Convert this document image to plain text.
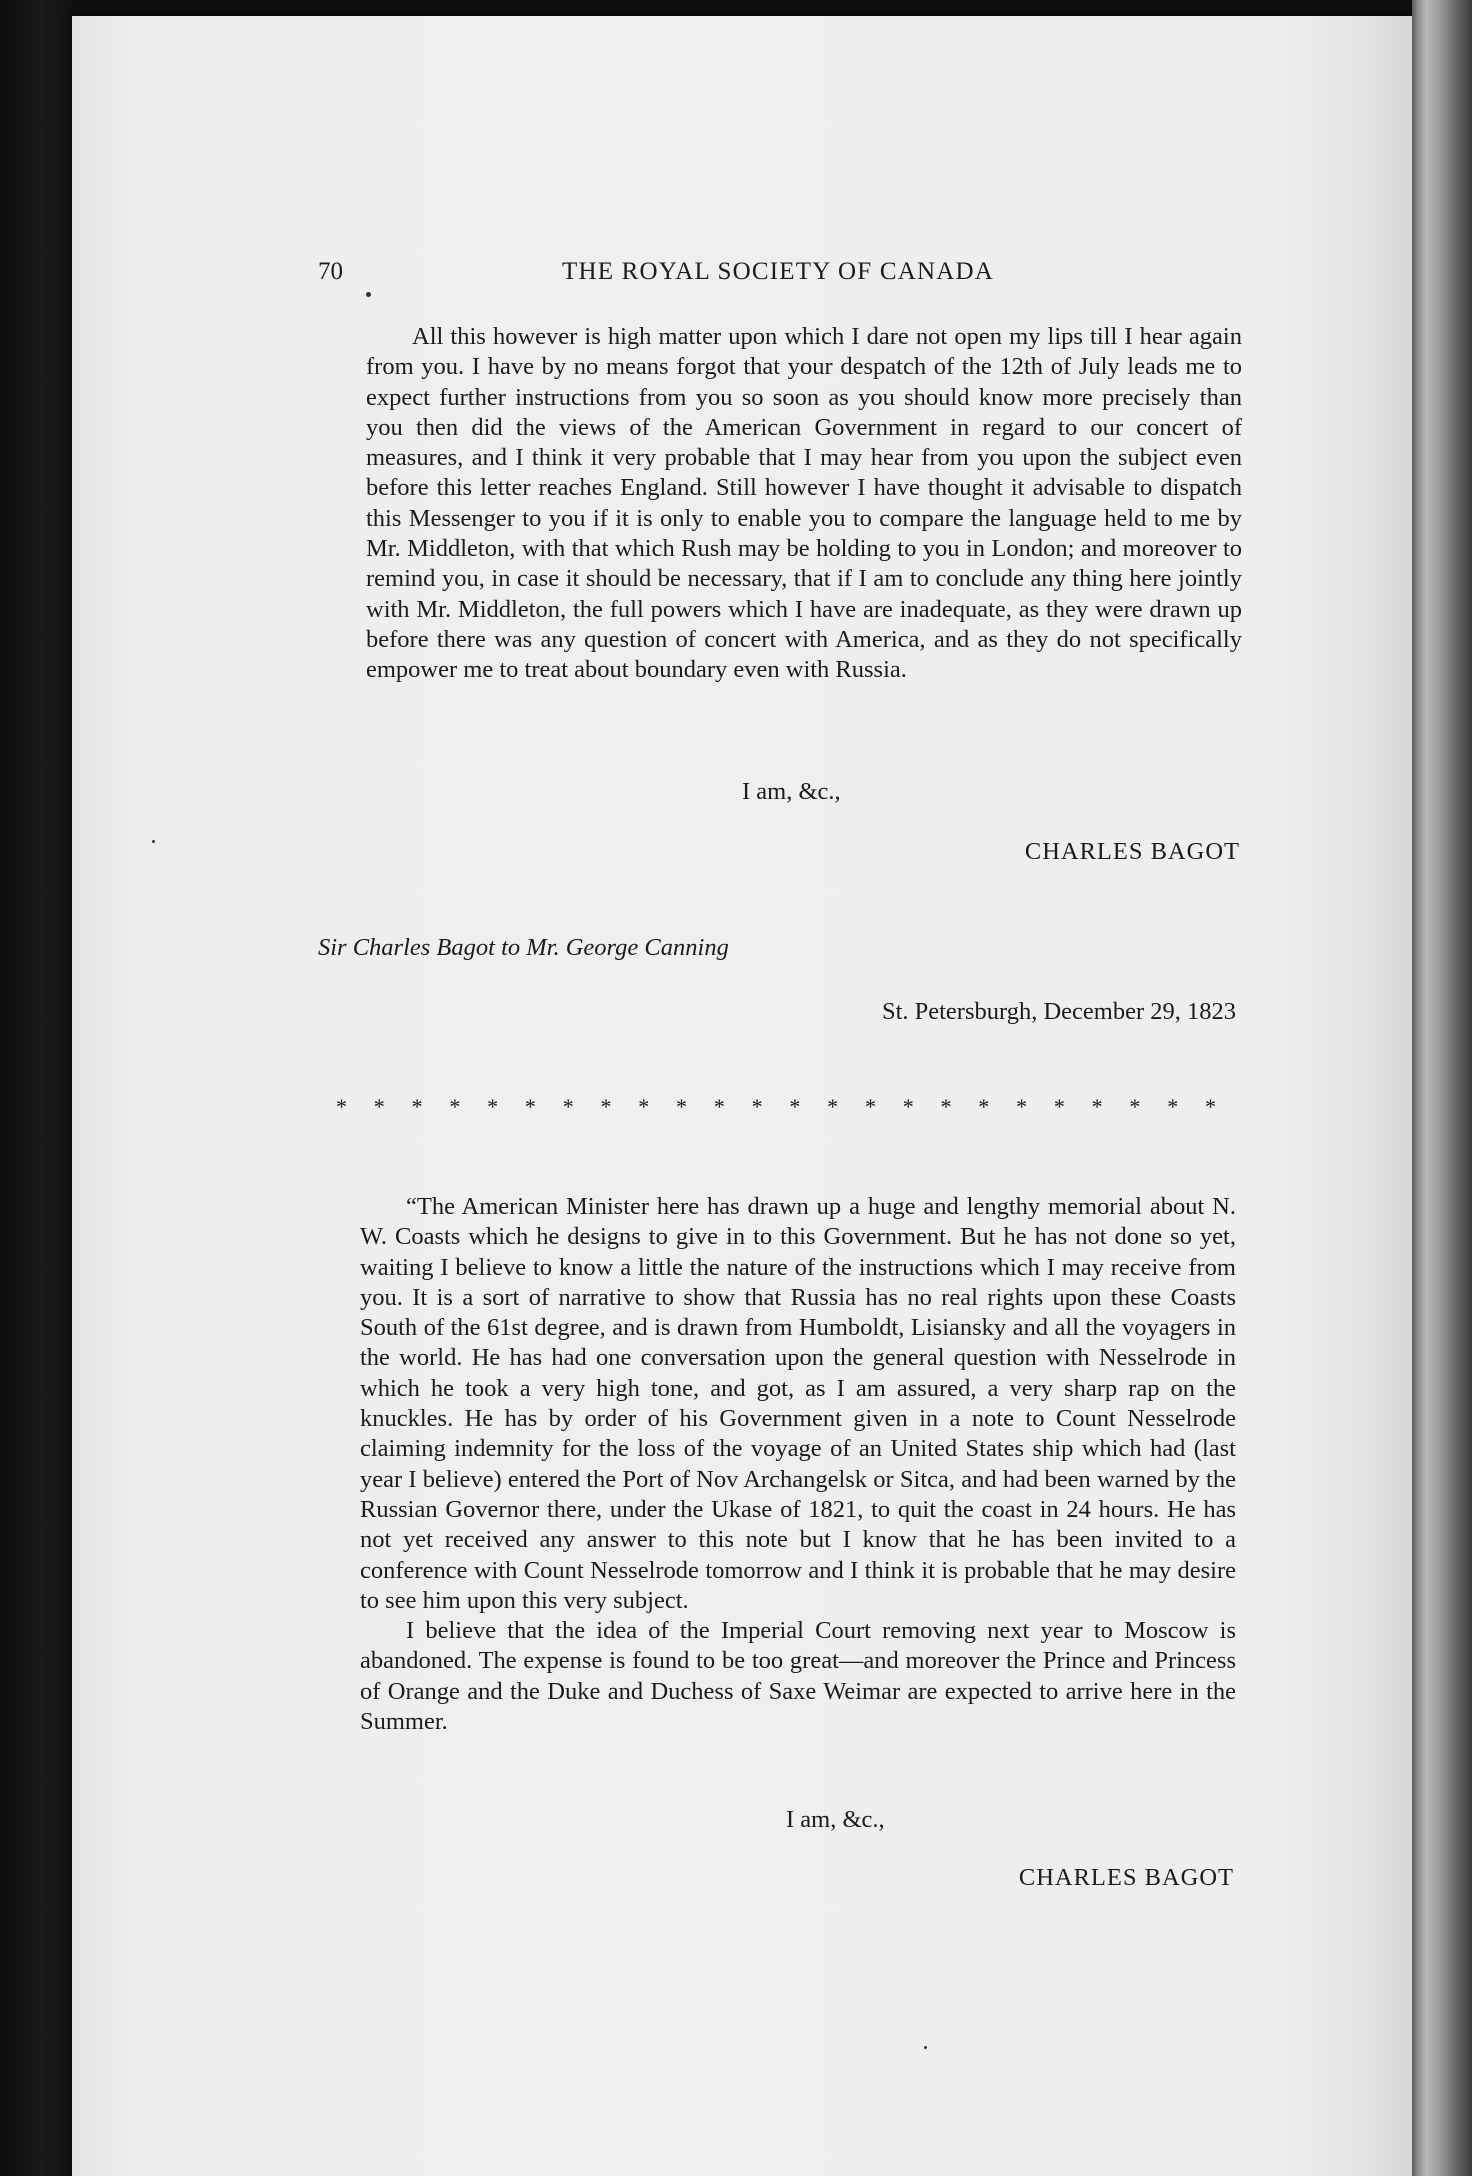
70	THE ROYAL SOCIETY OF CANADA

All this however is high matter upon which I dare not open my lips till I hear again from you. I have by no means forgot that your despatch of the 12th of July leads me to expect further instructions from you so soon as you should know more precisely than you then did the views of the American Government in regard to our concert of measures, and I think it very probable that I may hear from you upon the subject even before this letter reaches England. Still however I have thought it advisable to dispatch this Messenger to you if it is only to enable you to compare the language held to me by Mr. Middleton, with that which Rush may be holding to you in London; and moreover to remind you, in case it should be necessary, that if I am to conclude any thing here jointly with Mr. Middleton, the full powers which I have are inadequate, as they were drawn up before there was any question of concert with America, and as they do not specifically empower me to treat about boundary even with Russia.

I am, &c.,
CHARLES BAGOT
Sir Charles Bagot to Mr. George Canning
St. Petersburgh, December 29, 1823
* * * * * * * * * * * * * * * * * * * * * * * *

“The American Minister here has drawn up a huge and lengthy memorial about N. W. Coasts which he designs to give in to this Government. But he has not done so yet, waiting I believe to know a little the nature of the instructions which I may receive from you. It is a sort of narrative to show that Russia has no real rights upon these Coasts South of the 61st degree, and is drawn from Humboldt, Lisiansky and all the voyagers in the world. He has had one conversation upon the general question with Nesselrode in which he took a very high tone, and got, as I am assured, a very sharp rap on the knuckles. He has by order of his Government given in a note to Count Nesselrode claiming indemnity for the loss of the voyage of an United States ship which had (last year I believe) entered the Port of Nov Archangelsk or Sitca, and had been warned by the Russian Governor there, under the Ukase of 1821, to quit the coast in 24 hours. He has not yet received any answer to this note but I know that he has been invited to a conference with Count Nesselrode tomorrow and I think it is probable that he may desire to see him upon this very subject.

I believe that the idea of the Imperial Court removing next year to Moscow is abandoned. The expense is found to be too great—and moreover the Prince and Princess of Orange and the Duke and Duchess of Saxe Weimar are expected to arrive here in the Summer.

I am, &c.,
CHARLES BAGOT
